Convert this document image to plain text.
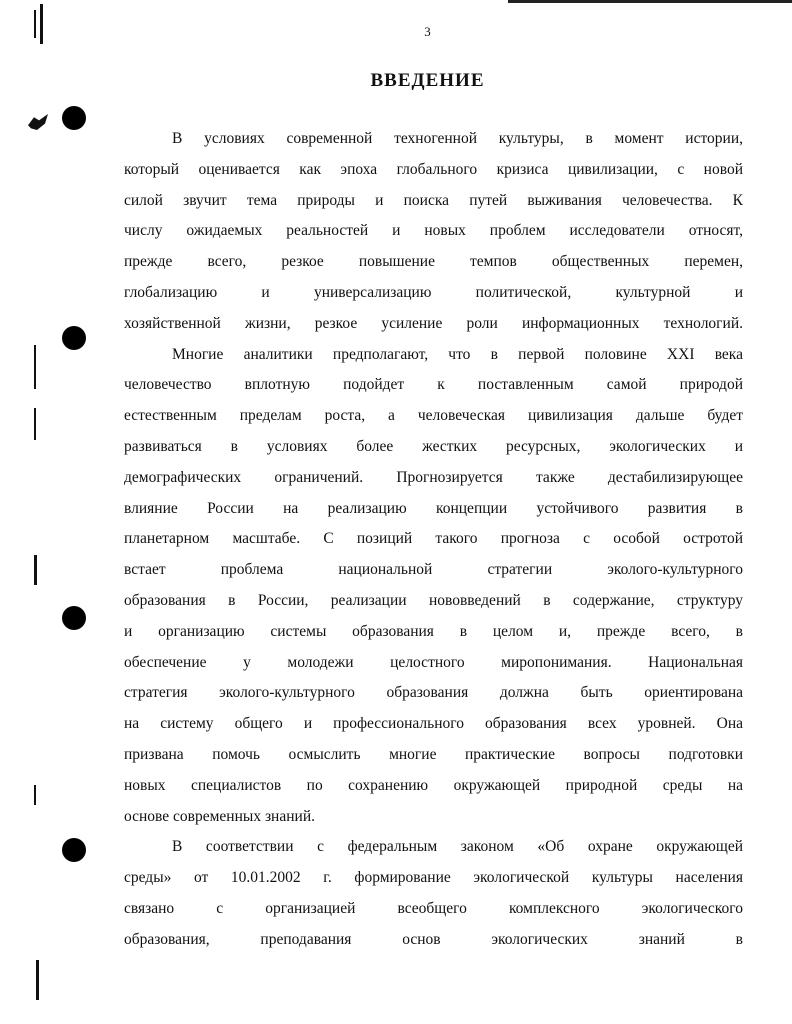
3
ВВЕДЕНИЕ
В условиях современной техногенной культуры, в момент истории,
который оценивается как эпоха глобального кризиса цивилизации, с новой
силой звучит тема природы и поиска путей выживания человечества. К
числу ожидаемых реальностей и новых проблем исследователи относят,
прежде всего, резкое повышение темпов общественных перемен,
глобализацию и универсализацию политической, культурной и
хозяйственной жизни, резкое усиление роли информационных технологий.
Многие аналитики предполагают, что в первой половине XXI века
человечество вплотную подойдет к поставленным самой природой
естественным пределам роста, а человеческая цивилизация дальше будет
развиваться в условиях более жестких ресурсных, экологических и
демографических ограничений. Прогнозируется также дестабилизирующее
влияние России на реализацию концепции устойчивого развития в
планетарном масштабе. С позиций такого прогноза с особой остротой
встает проблема национальной стратегии эколого-культурного
образования в России, реализации нововведений в содержание, структуру
и организацию системы образования в целом и, прежде всего, в
обеспечение у молодежи целостного миропонимания. Национальная
стратегия эколого-культурного образования должна быть ориентирована
на систему общего и профессионального образования всех уровней. Она
призвана помочь осмыслить многие практические вопросы подготовки
новых специалистов по сохранению окружающей природной среды на
основе современных знаний.
В соответствии с федеральным законом «Об охране окружающей
среды» от 10.01.2002 г. формирование экологической культуры населения
связано с организацией всеобщего комплексного экологического
образования, преподавания основ экологических знаний в
